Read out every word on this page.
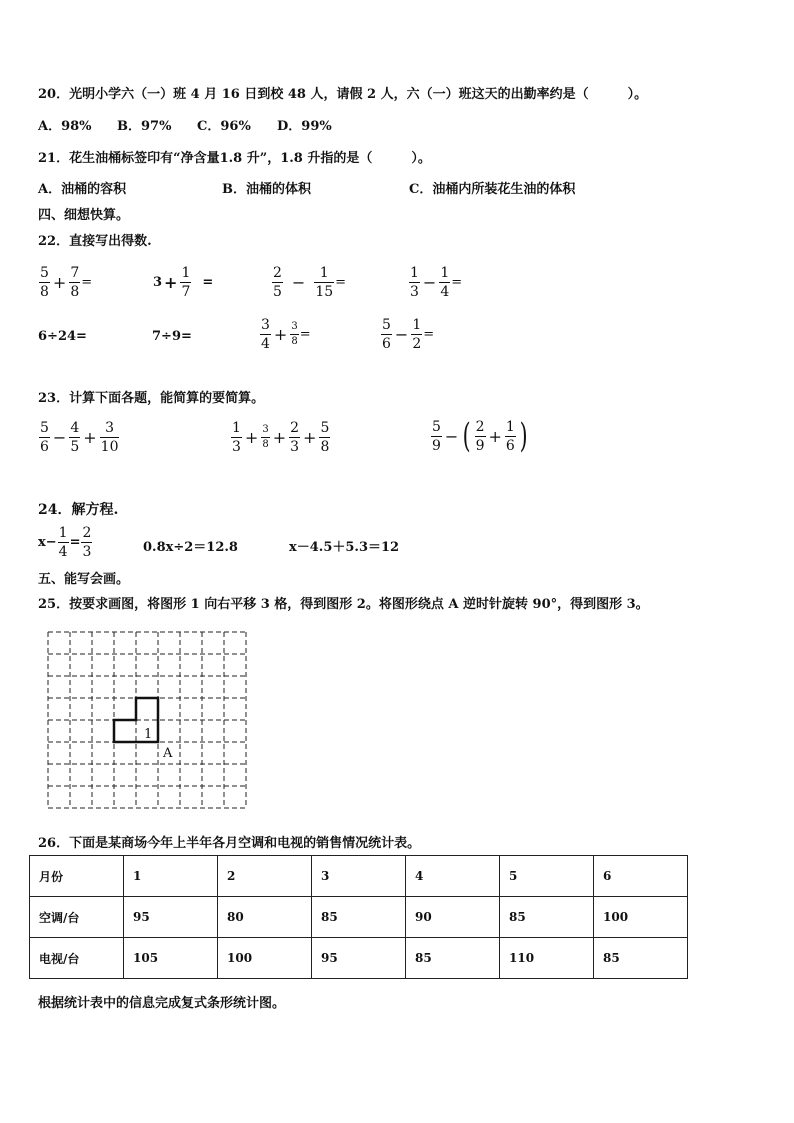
20．光明小学六（一）班 4 月 16 日到校 48 人，请假 2 人，六（一）班这天的出勤率约是（　　　）。
A．98% B．97% C．96% D．99%
21．花生油桶标签印有“净含量1.8 升”，1.8 升指的是（　　　）。
A．油桶的容积	B．油桶的体积	C．油桶内所装花生油的体积
四、细想快算。
22．直接写出得数.
$\frac{5}{8} + \frac{7}{8}$ =	$3 + \frac{1}{7}$ =	$\frac{2}{5} - \frac{1}{15}$ =	$\frac{1}{3} - \frac{1}{4}$ =
6÷24=	7÷9=	$\frac{3}{4} + \frac{3}{8}$ =	$\frac{5}{6} - \frac{1}{2}$ =
23．计算下面各题，能简算的要简算。
$\frac{5}{6} - \frac{4}{5} + \frac{3}{10}$	$\frac{1}{3} + \frac{3}{8} + \frac{2}{3} + \frac{5}{8}$	$\frac{5}{9}$ − ( $\frac{2}{9} + \frac{1}{6}$ )
24．解方程.
$x- \frac{1}{4} = \frac{2}{3}$	0.8x÷2＝12.8	x－4.5＋5.3＝12
五、能写会画。
25．按要求画图，将图形 1 向右平移 3 格，得到图形 2。将图形绕点 A 逆时针旋转 90°，得到图形 3。
1
A
26．下面是某商场今年上半年各月空调和电视的销售情况统计表。
月份	1	2	3	4	5	6
空调/台	95	80	85	90	85	100
电视/台	105	100	95	85	110	85
根据统计表中的信息完成复式条形统计图。
